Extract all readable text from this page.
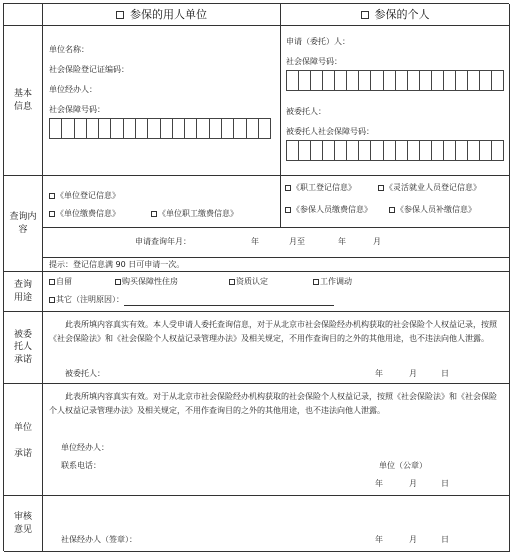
参保的用人单位	参保的个人
基本信息
单位名称：
社会保险登记证编码：
单位经办人：
社会保障号码：
申请（委托）人：
社会保障号码：
被委托人：
被委托人社会保障号码：
查询内容
《单位登记信息》
《单位缴费信息》	《单位职工缴费信息》
《职工登记信息》	《灵活就业人员登记信息》
《参保人员缴费信息》	《参保人员补缴信息》
申请查询年月：	年	月至	年	月
提示：登记信息满 90 日可申请一次。
查询用途
自留	购买保障性住房	资质认定	工作调动
其它（注明原因）：
被委托人承诺
此表所填内容真实有效。本人受申请人委托查询信息，对于从北京市社会保险经办机构获取的社会保险个人权益记录，按照《社会保险法》和《社会保险个人权益记录管理办法》及相关规定，不用作查询目的之外的其他用途，也不违法向他人泄露。
被委托人：	年	月	日
单位
承诺
此表所填内容真实有效。对于从北京市社会保险经办机构获取的社会保险个人权益记录，按照《社会保险法》和《社会保险个人权益记录管理办法》及相关规定，不用作查询目的之外的其他用途，也不违法向他人泄露。
单位经办人：
联系电话：	单位（公章）
年	月	日
审核意见
社保经办人（签章）：	年	月	日
